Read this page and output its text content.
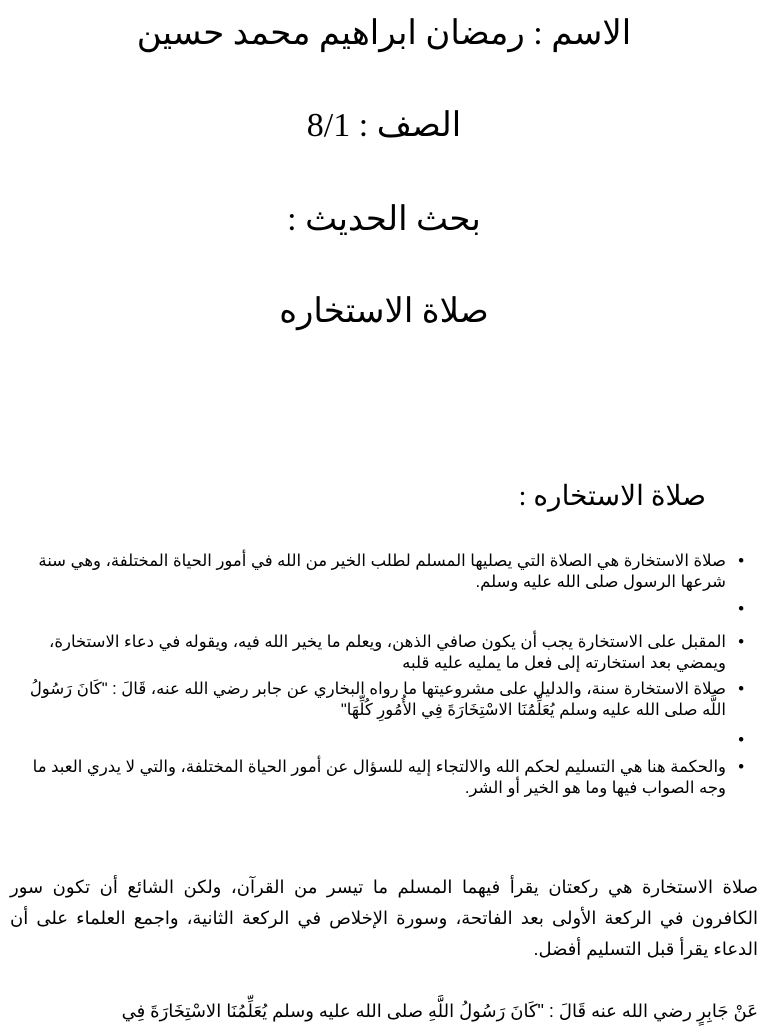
الاسم : رمضان ابراهيم محمد حسين
الصف : 8/1
بحث الحديث :
صلاة الاستخاره
صلاة الاستخاره :
•
صلاة الاستخارة هي الصلاة التي يصليها المسلم لطلب الخير من الله في أمور الحياة المختلفة، وهي سنة شرعها الرسول صلى الله عليه وسلم.
•
•
المقبل على الاستخارة يجب أن يكون صافي الذهن، ويعلم ما يخير الله فيه، ويقوله في دعاء الاستخارة، ويمضي بعد استخارته إلى فعل ما يمليه عليه قلبه
•
صلاة الاستخارة سنة، والدليل على مشروعيتها ما رواه البخاري عن جابر رضي الله عنه، قَالَ : "كَانَ رَسُولُ اللَّه صلى الله عليه وسلم يُعَلِّمُنَا الاسْتِخَارَةَ فِي الأُمُورِ كُلِّهَا"
•
•
والحكمة هنا هي التسليم لحكم الله والالتجاء إليه للسؤال عن أمور الحياة المختلفة، والتي لا يدري العبد ما وجه الصواب فيها وما هو الخير أو الشر.
صلاة الاستخارة هي ركعتان يقرأ فيهما المسلم ما تيسر من القرآن، ولكن الشائع أن تكون سور الكافرون في الركعة الأولى بعد الفاتحة، وسورة الإخلاص في الركعة الثانية، واجمع العلماء على أن الدعاء يقرأ قبل التسليم أفضل.
عَنْ جَابِرٍ رضي الله عنه قَالَ : "كَانَ رَسُولُ اللَّهِ صلى الله عليه وسلم يُعَلِّمُنَا الاسْتِخَارَةَ فِي
